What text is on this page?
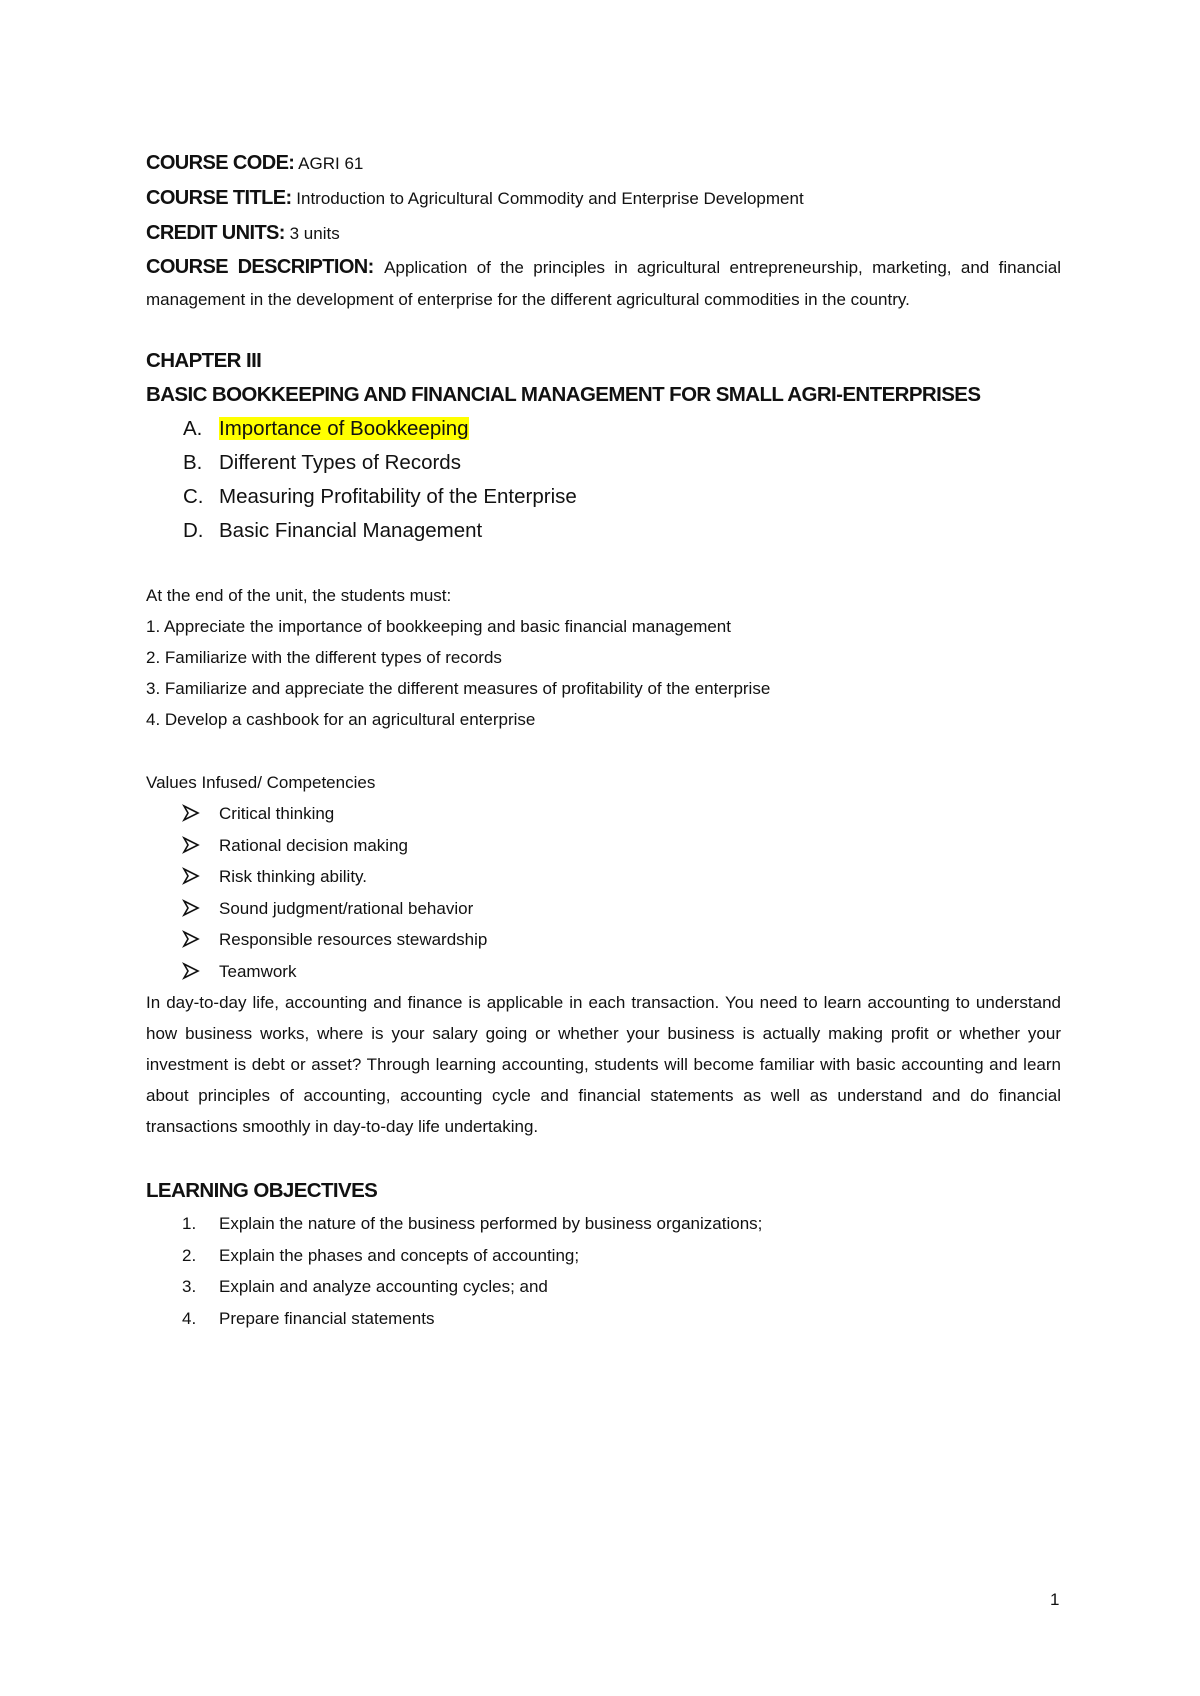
COURSE CODE: AGRI 61

COURSE TITLE: Introduction to Agricultural Commodity and Enterprise Development

CREDIT UNITS: 3 units

COURSE DESCRIPTION: Application of the principles in agricultural entrepreneurship, marketing, and financial management in the development of enterprise for the different agricultural commodities in the country.

CHAPTER III

BASIC BOOKKEEPING AND FINANCIAL MANAGEMENT FOR SMALL AGRI-ENTERPRISES

A. Importance of Bookkeeping
B. Different Types of Records
C. Measuring Profitability of the Enterprise
D. Basic Financial Management

At the end of the unit, the students must:

1. Appreciate the importance of bookkeeping and basic financial management

2. Familiarize with the different types of records

3. Familiarize and appreciate the different measures of profitability of the enterprise

4. Develop a cashbook for an agricultural enterprise

Values Infused/ Competencies

Critical thinking
Rational decision making
Risk thinking ability.
Sound judgment/rational behavior
Responsible resources stewardship
Teamwork

In day-to-day life, accounting and finance is applicable in each transaction. You need to learn accounting to understand how business works, where is your salary going or whether your business is actually making profit or whether your investment is debt or asset? Through learning accounting, students will become familiar with basic accounting and learn about principles of accounting, accounting cycle and financial statements as well as understand and do financial transactions smoothly in day-to-day life undertaking.

LEARNING OBJECTIVES

1. Explain the nature of the business performed by business organizations;
2. Explain the phases and concepts of accounting;
3. Explain and analyze accounting cycles; and
4. Prepare financial statements
1
